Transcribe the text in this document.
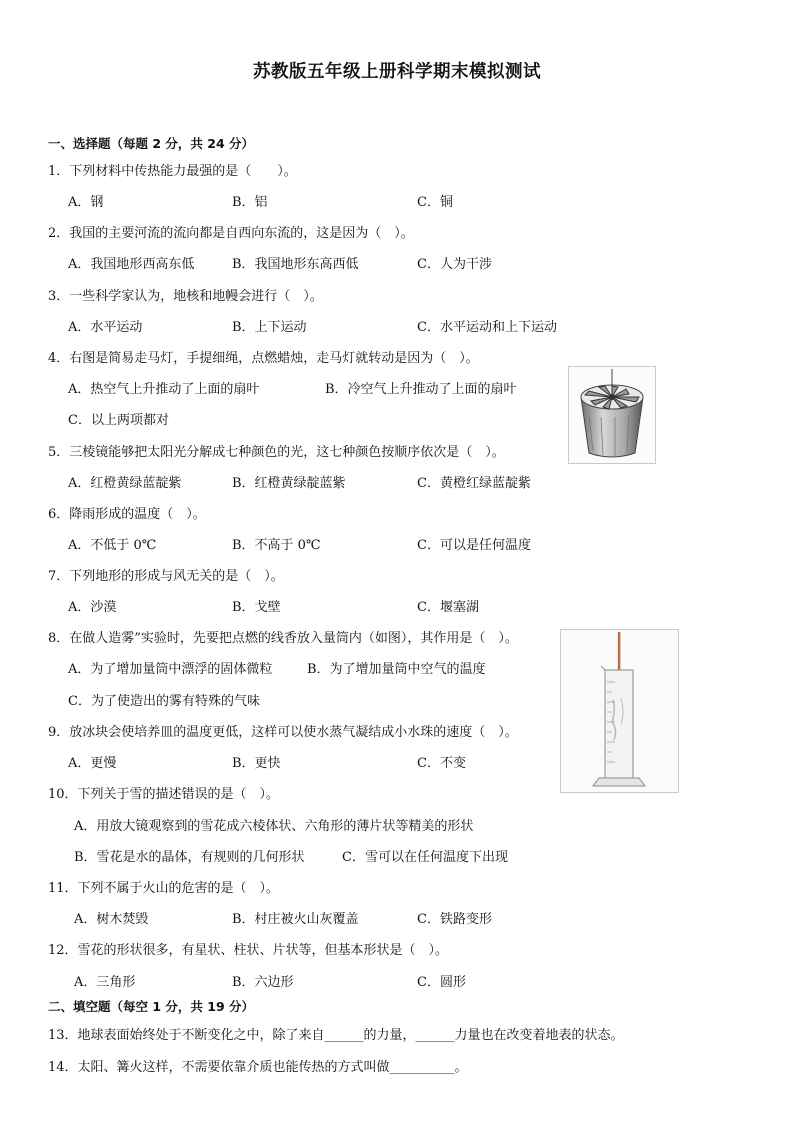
苏教版五年级上册科学期末模拟测试
一、选择题（每题 2 分，共 24 分）
1．下列材料中传热能力最强的是（　　）。
A．钢	B．铝	C．铜
2．我国的主要河流的流向都是自西向东流的，这是因为（　）。
A．我国地形西高东低	B．我国地形东高西低	C．人为干涉
3．一些科学家认为，地核和地幔会进行（　）。
A．水平运动	B．上下运动	C．水平运动和上下运动
4．右图是简易走马灯，手提细绳，点燃蜡烛，走马灯就转动是因为（　）。
A．热空气上升推动了上面的扇叶	B．冷空气上升推动了上面的扇叶
C．以上两项都对
5．三棱镜能够把太阳光分解成七种颜色的光，这七种颜色按顺序依次是（　）。
A．红橙黄绿蓝靛紫	B．红橙黄绿靛蓝紫	C．黄橙红绿蓝靛紫
6．降雨形成的温度（　）。
A．不低于 0℃	B．不高于 0℃	C．可以是任何温度
7．下列地形的形成与风无关的是（　）。
A．沙漠	B．戈壁	C．堰塞湖
8．在做人造雾”实验时，先要把点燃的线香放入量筒内（如图），其作用是（　）。
A．为了增加量筒中漂浮的固体微粒	B．为了增加量筒中空气的温度
C．为了使造出的雾有特殊的气味
9．放冰块会使培养皿的温度更低，这样可以使水蒸气凝结成小水珠的速度（　）。
A．更慢	B．更快	C．不变
10．下列关于雪的描述错误的是（　）。
A．用放大镜观察到的雪花成六棱体状、六角形的薄片状等精美的形状
B．雪花是水的晶体，有规则的几何形状	C．雪可以在任何温度下出现
11．下列不属于火山的危害的是（　）。
A．树木焚毁	B．村庄被火山灰覆盖	C．铁路变形
12．雪花的形状很多，有星状、柱状、片状等，但基本形状是（　）。
A．三角形	B．六边形	C．圆形
二、填空题（每空 1 分，共 19 分）
13．地球表面始终处于不断变化之中，除了来自______的力量，______力量也在改变着地表的状态。
14．太阳、篝火这样，不需要依靠介质也能传热的方式叫做__________。
